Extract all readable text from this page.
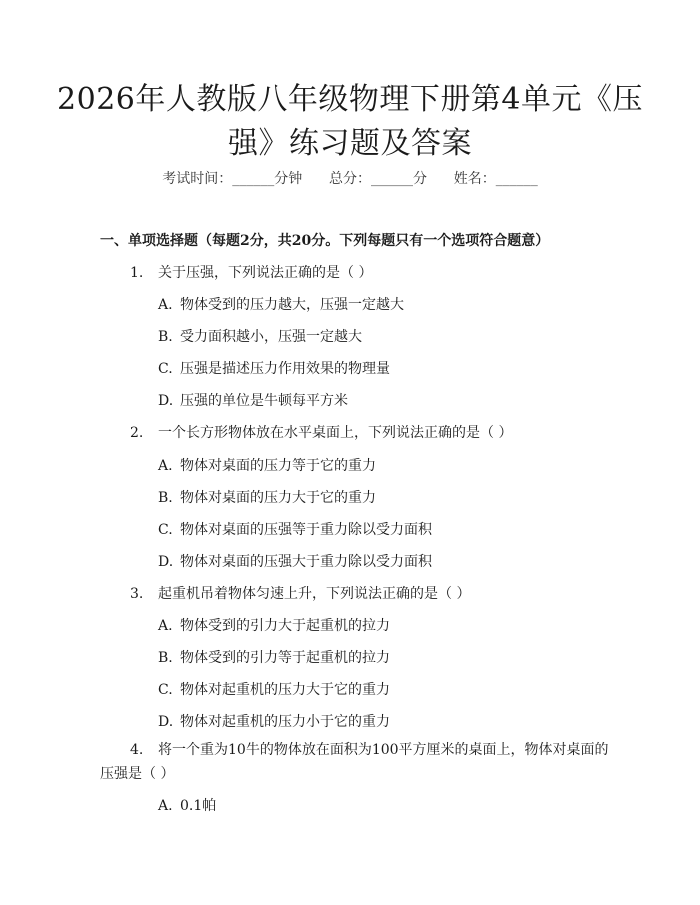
2026年人教版八年级物理下册第4单元《压强》练习题及答案
考试时间：______分钟      总分：______分      姓名：______
一、单项选择题（每题2分，共20分。下列每题只有一个选项符合题意）
1. 关于压强，下列说法正确的是（ ）
A. 物体受到的压力越大，压强一定越大
B. 受力面积越小，压强一定越大
C. 压强是描述压力作用效果的物理量
D. 压强的单位是牛顿每平方米
2. 一个长方形物体放在水平桌面上，下列说法正确的是（ ）
A. 物体对桌面的压力等于它的重力
B. 物体对桌面的压力大于它的重力
C. 物体对桌面的压强等于重力除以受力面积
D. 物体对桌面的压强大于重力除以受力面积
3. 起重机吊着物体匀速上升，下列说法正确的是（ ）
A. 物体受到的引力大于起重机的拉力
B. 物体受到的引力等于起重机的拉力
C. 物体对起重机的压力大于它的重力
D. 物体对起重机的压力小于它的重力
4. 将一个重为10牛的物体放在面积为100平方厘米的桌面上，物体对桌面的压强是（ ）
A. 0.1帕
